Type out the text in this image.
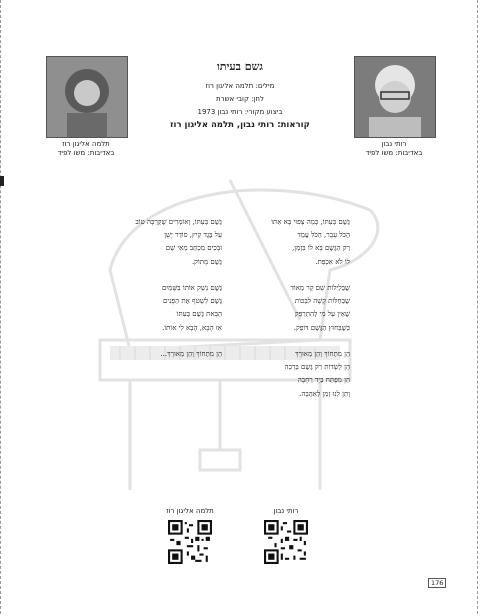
תלמה אליגון רוז
באדיבות: משו לפיד
רותי נבון
באדיבות: משו לפיד
גשם בעיתו
מילים: תלמה אליגון רוז
לחן: קובי אשרת
ביצוע מקורי: רותי נבון 1973
קוראות: רותי נבון, תלמה אליגון רוז
גֶּשֶׁם בְּעִתּוֹ, כְּמָה צָפוּי בָּא אִתּוֹ
הַכֹּל עָבָר, הַכֹּל עֲמַד
רַק הַגֶּשֶׁם בָּא לוֹ בִּזְמַן,
לוֹ לֹא אִכְפַּת.
שֶׁבְּלֵילוֹת שָׁם קַר מְאוֹד
שֶׁבַּחַלּוֹת קָשָׁה לִבְכּוֹת
שֶׁאֵין עַל מִי לְהִתְרַפֵּק
כְּשֶׁבַּחוּץ הַגֶּשֶׁם דּוֹפֵק.
הֵן מִתְחוֹךְ וְהֵן מְאוּרָךְ
הֵן לְשָׂדוֹת רַק גֶּשֶׁם בְּרָכָה
הֵן מִפְתַּח בְּיָד רְחָבָה
וְתֵן לָנוּ זְמַן לְאַהֲבָה.
גֶּשֶׁם בְּעִתּוֹ, וְאוֹמְרִים שֶׁקַּרְבָּה טוֹב
עַל בֶּגֶד קַיִץ, סוֹדֵר יָשָׁן
וּבָכִים מְכַתֵּב מֵאֵי שָׁם
גֶּשֶׁם מָתוֹק.
גֶּשֶׁם נָשֵׁק אוֹתוֹ בַּשָּׁמַיִם
גֶּשֶׁם לִשְׁטֹף אֶת הַפָּנִים
הַבָּאת גֶּשֶׁם בְּעִתּוֹ
אִז הָבָא, הָבָא לִי אוֹתוֹ.
הֵן מִתְחוֹךְ וְהֵן מְאוּרָךְ...
תלמה אליגון רוז	רותי נבון
176
